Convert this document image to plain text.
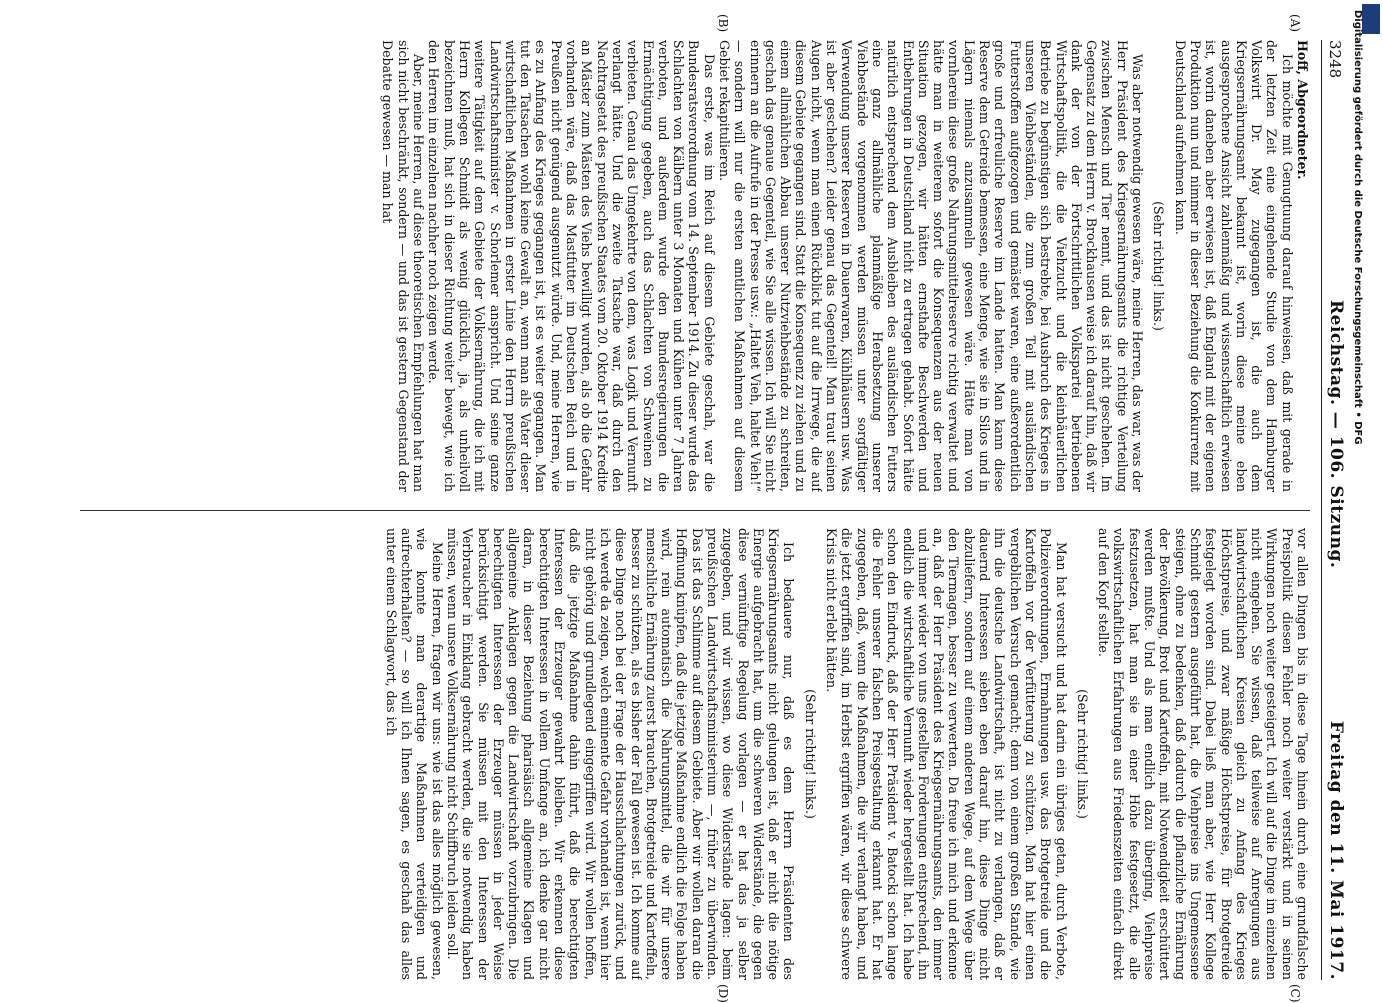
Digitalisierung gefördert durch die Deutsche Forschungsgemeinschaft • DFG
3248
Reichstag. — 106. Sitzung.
Freitag den 11. Mai 1917.
(A)
(B)
(C)
(D)

Hoff, Abgeordneter.

Ich möchte mit Genugtuung darauf hinweisen, daß mit gerade in der letzten Zeit eine eingehende Studie von dem Hamburger Volkswirt Dr. May zugegangen ist, die auch dem Kriegsernährungsamt bekannt ist, worin diese meine eben ausgesprochene Ansicht zahlenmäßig und wissenschaftlich erwiesen ist, worin daneben aber erwiesen ist, daß England mit der eigenen Produktion nun und nimmer in dieser Beziehung die Konkurrenz mit Deutschland aufnehmen kann.

(Sehr richtig! links.)

Was aber notwendig gewesen wäre, meine Herren, das war, was der Herr Präsident des Kriegsernährungsamts die richtige Verteilung zwischen Mensch und Tier nennt, und das ist nicht geschehen. Im Gegensatz zu dem Herrn v. Brockhausen weise ich darauf hin, daß wir dank der von der Fortschrittlichen Volkspartei betriebenen Wirtschaftspolitik, die die Viehzucht und die kleinbäuerlichen Betriebe zu begünstigen sich bestrebte, bei Ausbruch des Krieges in unseren Viehbeständen, die zum großen Teil mit ausländischen Futterstoffen aufgezogen und gemästet waren, eine außerordentlich große und erfreuliche Reserve im Lande hatten. Man kann diese Reserve dem Getreide bemessen, eine Menge, wie sie in Silos und in Lägern niemals anzusammeln gewesen wäre. Hätte man von vornherein diese große Nahrungsmittelreserve richtig verwaltet und hätte man in weiterem sofort die Konsequenzen aus der neuen Situation gezogen, wir hätten ernsthafte Beschwerden und Entbehrungen in Deutschland nicht zu ertragen gehabt. Sofort hätte natürlich entsprechend dem Ausbleiben des ausländischen Futters eine ganz allmähliche planmäßige Herabsetzung unserer Viehbestände vorgenommen werden müssen unter sorgfältiger Verwendung unserer Reserven in Dauerwaren, Kühlhäusern usw. Was ist aber geschehen? Leider genau das Gegenteil! Man traut seinen Augen nicht, wenn man einen Rückblick tut auf die Irrwege, die auf diesem Gebiete gegangen sind. Statt die Konsequenz zu ziehen und zu einem allmählichen Abbau unserer Nutzviehbestände zu schreiten, geschah das genaue Gegenteil, wie Sie alle wissen. Ich will Sie nicht erinnern an die Aufrufe in der Presse usw.: „Haltet Vieh, haltet Vieh!“ — sondern will nur die ersten amtlichen Maßnahmen auf diesem Gebiet rekapitulieren.

Das erste, was im Reich auf diesem Gebiete geschah, war die Bundesratsverordnung vom 14. September 1914. Zu dieser wurde das Schlachten von Kälbern unter 3 Monaten und Kühen unter 7 Jahren verboten, und außerdem wurde den Bundesregierungen die Ermächtigung gegeben, auch das Schlachten von Schweinen zu verbieten. Genau das Umgekehrte von dem, was Logik und Vernunft verlangt hätte. Und die zweite Tatsache war, daß durch den Nachtragsetat des preußischen Staates vom 20. Oktober 1914 Kredite an Mäster zum Mästen des Viehs bewilligt wurden, als ob die Gefahr vorhanden wäre, daß das Mastfutter im Deutschen Reich und in Preußen nicht genügend ausgenutzt würde. Und, meine Herren, wie es zu Anfang des Krieges gegangen ist, ist es weiter gegangen. Man tut den Tatsachen wohl keine Gewalt an, wenn man als Vater dieser wirtschaftlichen Maßnahmen in erster Linie den Herrn preußischen Landwirtschaftsminister v. Schorlemer anspricht. Und seine ganze weitere Tätigkeit auf dem Gebiete der Volksernährung, die ich mit Herrn Kollegen Schmidt als wenig glücklich, ja, als unheilvoll bezeichnen muß, hat sich in dieser Richtung weiter bewegt, wie ich den Herren im einzelnen nachher noch zeigen werde.

Aber, meine Herren, auf diese theoretischen Empfehlungen hat man sich nicht beschränkt, sondern — und das ist gestern Gegenstand der Debatte gewesen — man hat

vor allen Dingen bis in diese Tage hinein durch eine grundfalsche Preispolitik diesen Fehler noch weiter verstärkt und in seinen Wirkungen noch weiter gesteigert. Ich will auf die Dinge im einzelnen nicht eingehen. Sie wissen, daß teilweise auf Anregungen aus landwirtschaftlichen Kreisen gleich zu Anfang des Krieges Höchstpreise, und zwar mäßige Höchstpreise, für Brotgetreide festgelegt worden sind. Dabei ließ man aber, wie Herr Kollege Schmidt gestern ausgeführt hat, die Viehpreise ins Ungemessene steigen, ohne zu bedenken, daß dadurch die pflanzliche Ernährung der Bevölkerung, Brot und Kartoffeln, mit Notwendigkeit erschüttert werden mußte. Und als man endlich dazu überging, Viehpreise festzusetzen, hat man sie in einer Höhe festgesetzt, die alle volkswirtschaftlichen Erfahrungen aus Friedenszeiten einfach direkt auf den Kopf stellte.

(Sehr richtig! links.)

Man hat versucht und hat darin ein übriges getan, durch Verbote, Polizeiverordnungen, Ermahnungen usw. das Brotgetreide und die Kartoffeln vor der Verfütterung zu schützen. Man hat hier einen vergeblichen Versuch gemacht; denn von einem großen Stande, wie ihn die deutsche Landwirtschaft, ist nicht zu verlangen, daß er dauernd Interessen sieben eben darauf hin, diese Dinge nicht abzuliefern, sondern auf einem anderen Wege, auf dem Wege über den Tiermagen, besser zu verwerten. Da freue ich mich und erkenne an, daß der Herr Präsident des Kriegsernährungsamts, den immer und immer wieder von uns gestellten Forderungen entsprechend, ihn endlich die wirtschaftliche Vernunft wieder hergestellt hat. Ich habe schon den Eindruck, daß der Herr Präsident v. Batocki schon lange die Fehler unserer falschen Preisgestaltung erkannt hat. Er hat zugegeben, daß, wenn die Maßnahmen, die wir verlangt haben, und die jetzt ergriffen sind, im Herbst ergriffen wären, wir diese schwere Krisis nicht erlebt hätten.

(Sehr richtig! links.)

Ich bedauere nur, daß es dem Herrn Präsidenten des Kriegsernährungsamts nicht gelungen ist, daß er nicht die nötige Energie aufgebracht hat, um die schweren Widerstände, die gegen diese vernünftige Regelung vorlagen — er hat das ja selber zugegeben, und wir wissen, wo diese Widerstände lagen: beim preußischen Landwirtschaftsministerium —, früher zu überwinden. Das ist das Schlimme auf diesem Gebiete. Aber wir wollen daran die Hoffnung knüpfen, daß die jetzige Maßnahme endlich die Folge haben wird, rein automatisch die Nahrungsmittel, die wir für unsere menschliche Ernährung zuerst brauchen, Brotgetreide und Kartoffeln, besser zu schützen, als es bisher der Fall gewesen ist. Ich komme auf diese Dinge noch bei der Frage der Hausschlachtungen zurück, und ich werde da zeigen, welch eminente Gefahr vorhanden ist, wenn hier nicht gehörig und grundlegend eingegriffen wird. Wir wollen hoffen, daß die jetzige Maßnahme dahin führt, daß die berechtigten Interessen der Erzeuger gewahrt bleiben. Wir erkennen diese berechtigten Interessen in vollem Umfange an, ich denke gar nicht daran, in dieser Beziehung pharisäisch allgemeine Klagen und allgemeine Anklagen gegen die Landwirtschaft vorzubringen. Die berechtigten Interessen der Erzeuger müssen in jeder Weise berücksichtigt werden. Sie müssen mit den Interessen der Verbraucher in Einklang gebracht werden, die sie notwendig haben müssen, wenn unsere Volksernährung nicht Schiffbruch leiden soll.

Meine Herren, fragen wir uns: wie ist das alles möglich gewesen, wie konnte man derartige Maßnahmen verteidigen und aufrechterhalten? — so will ich Ihnen sagen, es geschah das alles unter einem Schlagwort, das ich
